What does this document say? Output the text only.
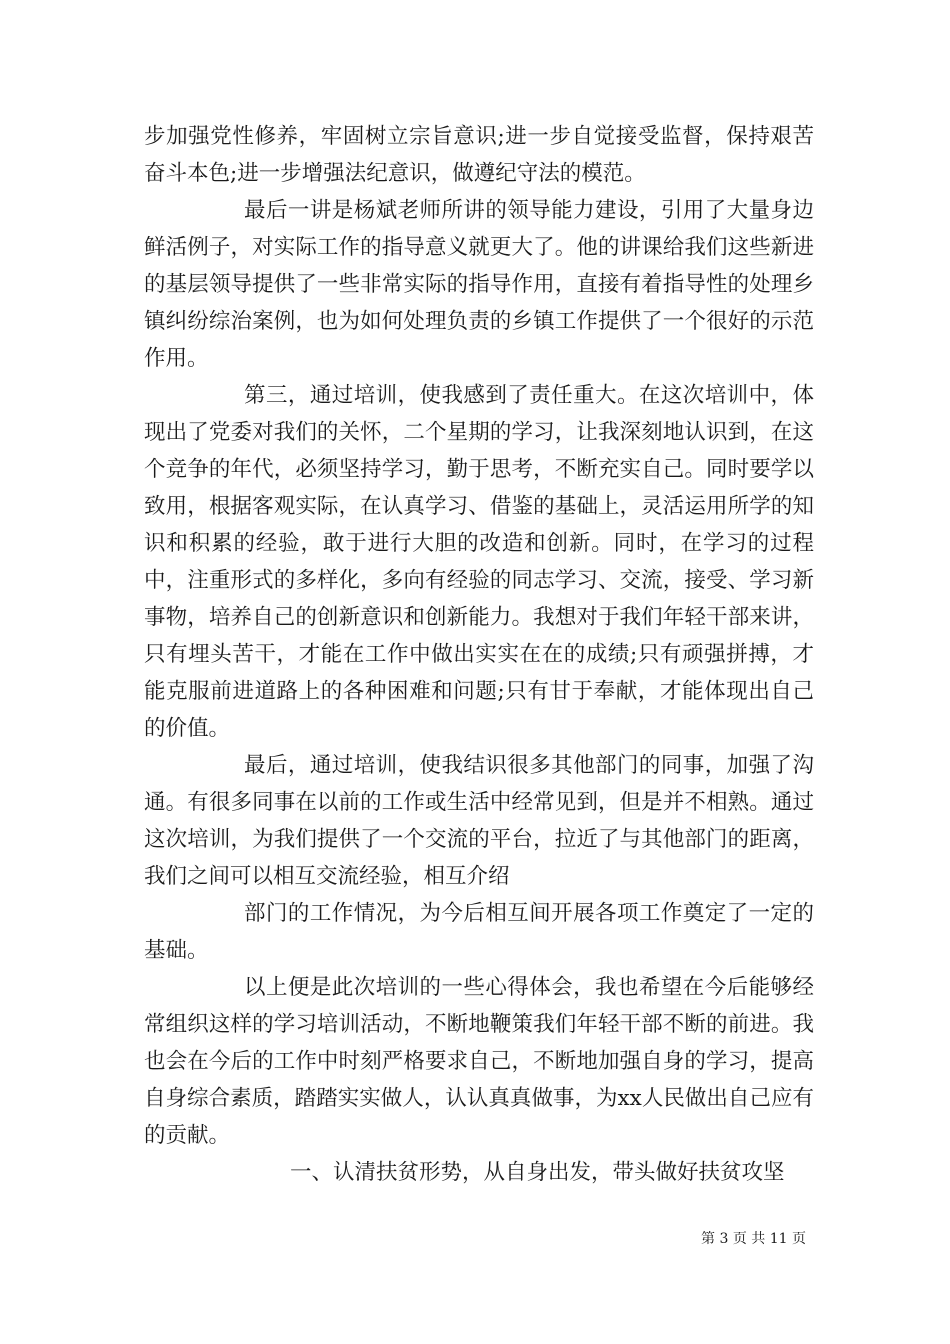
步加强党性修养，牢固树立宗旨意识;进一步自觉接受监督，保持艰苦奋斗本色;进一步增强法纪意识，做遵纪守法的模范。

最后一讲是杨斌老师所讲的领导能力建设，引用了大量身边鲜活例子，对实际工作的指导意义就更大了。他的讲课给我们这些新进的基层领导提供了一些非常实际的指导作用，直接有着指导性的处理乡镇纠纷综治案例，也为如何处理负责的乡镇工作提供了一个很好的示范作用。

第三，通过培训，使我感到了责任重大。在这次培训中，体现出了党委对我们的关怀，二个星期的学习，让我深刻地认识到，在这个竞争的年代，必须坚持学习，勤于思考，不断充实自己。同时要学以致用，根据客观实际，在认真学习、借鉴的基础上，灵活运用所学的知识和积累的经验，敢于进行大胆的改造和创新。同时，在学习的过程中，注重形式的多样化，多向有经验的同志学习、交流，接受、学习新事物，培养自己的创新意识和创新能力。我想对于我们年轻干部来讲，只有埋头苦干，才能在工作中做出实实在在的成绩;只有顽强拼搏，才能克服前进道路上的各种困难和问题;只有甘于奉献，才能体现出自己的价值。

最后，通过培训，使我结识很多其他部门的同事，加强了沟通。有很多同事在以前的工作或生活中经常见到，但是并不相熟。通过这次培训，为我们提供了一个交流的平台，拉近了与其他部门的距离，我们之间可以相互交流经验，相互介绍

部门的工作情况，为今后相互间开展各项工作奠定了一定的基础。

以上便是此次培训的一些心得体会，我也希望在今后能够经常组织这样的学习培训活动，不断地鞭策我们年轻干部不断的前进。我也会在今后的工作中时刻严格要求自己，不断地加强自身的学习，提高自身综合素质，踏踏实实做人，认认真真做事，为xx人民做出自己应有的贡献。

一、认清扶贫形势，从自身出发，带头做好扶贫攻坚

第 3 页 共 11 页
